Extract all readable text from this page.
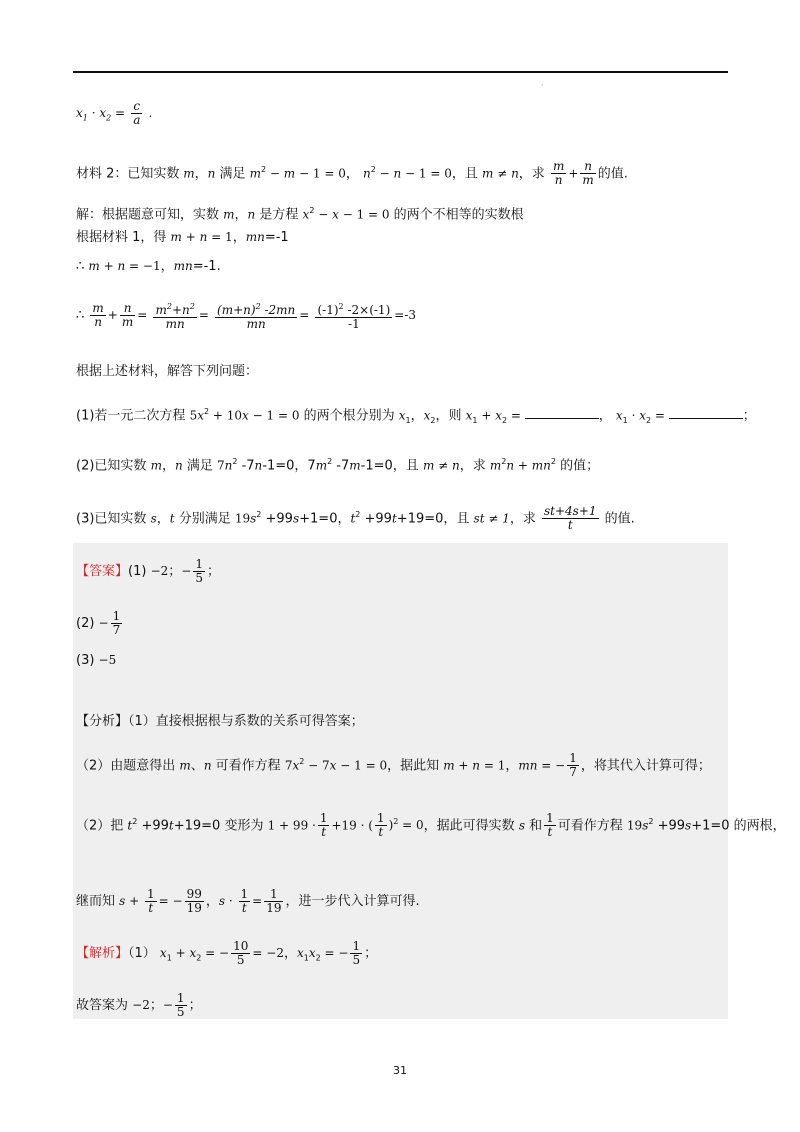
·
$x_1 \cdot x_2 = \frac{c}{a}$ .
材料 2：已知实数 m，n 满足 $m^2 - m - 1 = 0$， $n^2 - n - 1 = 0$，且 m ≠ n，求 $\frac{m}{n} + \frac{n}{m}$ 的值.
解：根据题意可知，实数 m，n 是方程 $x^2 - x - 1 = 0$ 的两个不相等的实数根
根据材料 1，得 m + n = 1，mn=-1
∴ m + n = −1，mn=-1.
∴ $\frac{m}{n} + \frac{n}{m} = \frac{m^2+n^2}{mn} = \frac{(m+n)^2 -2mn}{mn} = \frac{(-1)^2 -2\times(-1)}{-1} =-3$
根据上述材料，解答下列问题：
(1)若一元二次方程 $5x^2 + 10x - 1 = 0$ 的两个根分别为 $x_1$，$x_2$，则 $x_1 + x_2$ =	， $x_1 \cdot x_2$ =	；
(2)已知实数 m，n 满足 $7n^2$ -7n-1=0，$7m^2$ -7m-1=0，且 m ≠ n，求 $m^2n + mn^2$ 的值；
(3)已知实数 s，t 分别满足 $19s^2 +99s+1=0$，$t^2 +99t+19=0$，且 st ≠ 1，求 $\frac{st+4s+1}{t}$ 的值.
【答案】(1) −2；− $\frac{1}{5}$ ；
$(2) - \frac{1}{7}$
(3) −5
【分析】（1）直接根据根与系数的关系可得答案；
（2）由题意得出 m、n 可看作方程 $7x^2 - 7x - 1 = 0$，据此知 m + n = 1，mn = − $\frac{1}{7}$ ，将其代入计算可得；
（2）把 $t^2 +99t+19=0$ 变形为 $1 + 99 \cdot \frac{1}{t} +19$ · ( $\frac{1}{t} )^2 = 0$，据此可得实数 s 和 $\frac{1}{t}$ 可看作方程 $19s^2 +99s+1=0$ 的两根，
继而知 $s + \frac{1}{t}$ = − $\frac{99}{19}$ ，$s \cdot \frac{1}{t} = \frac{1}{19}$ ，进一步代入计算可得.
【解析】（1） $x_1 + x_2$ = − $\frac{10}{5} = -2$，$x_1x_2$ = − $\frac{1}{5}$ ；
故答案为 −2；− $\frac{1}{5}$ ；
31
